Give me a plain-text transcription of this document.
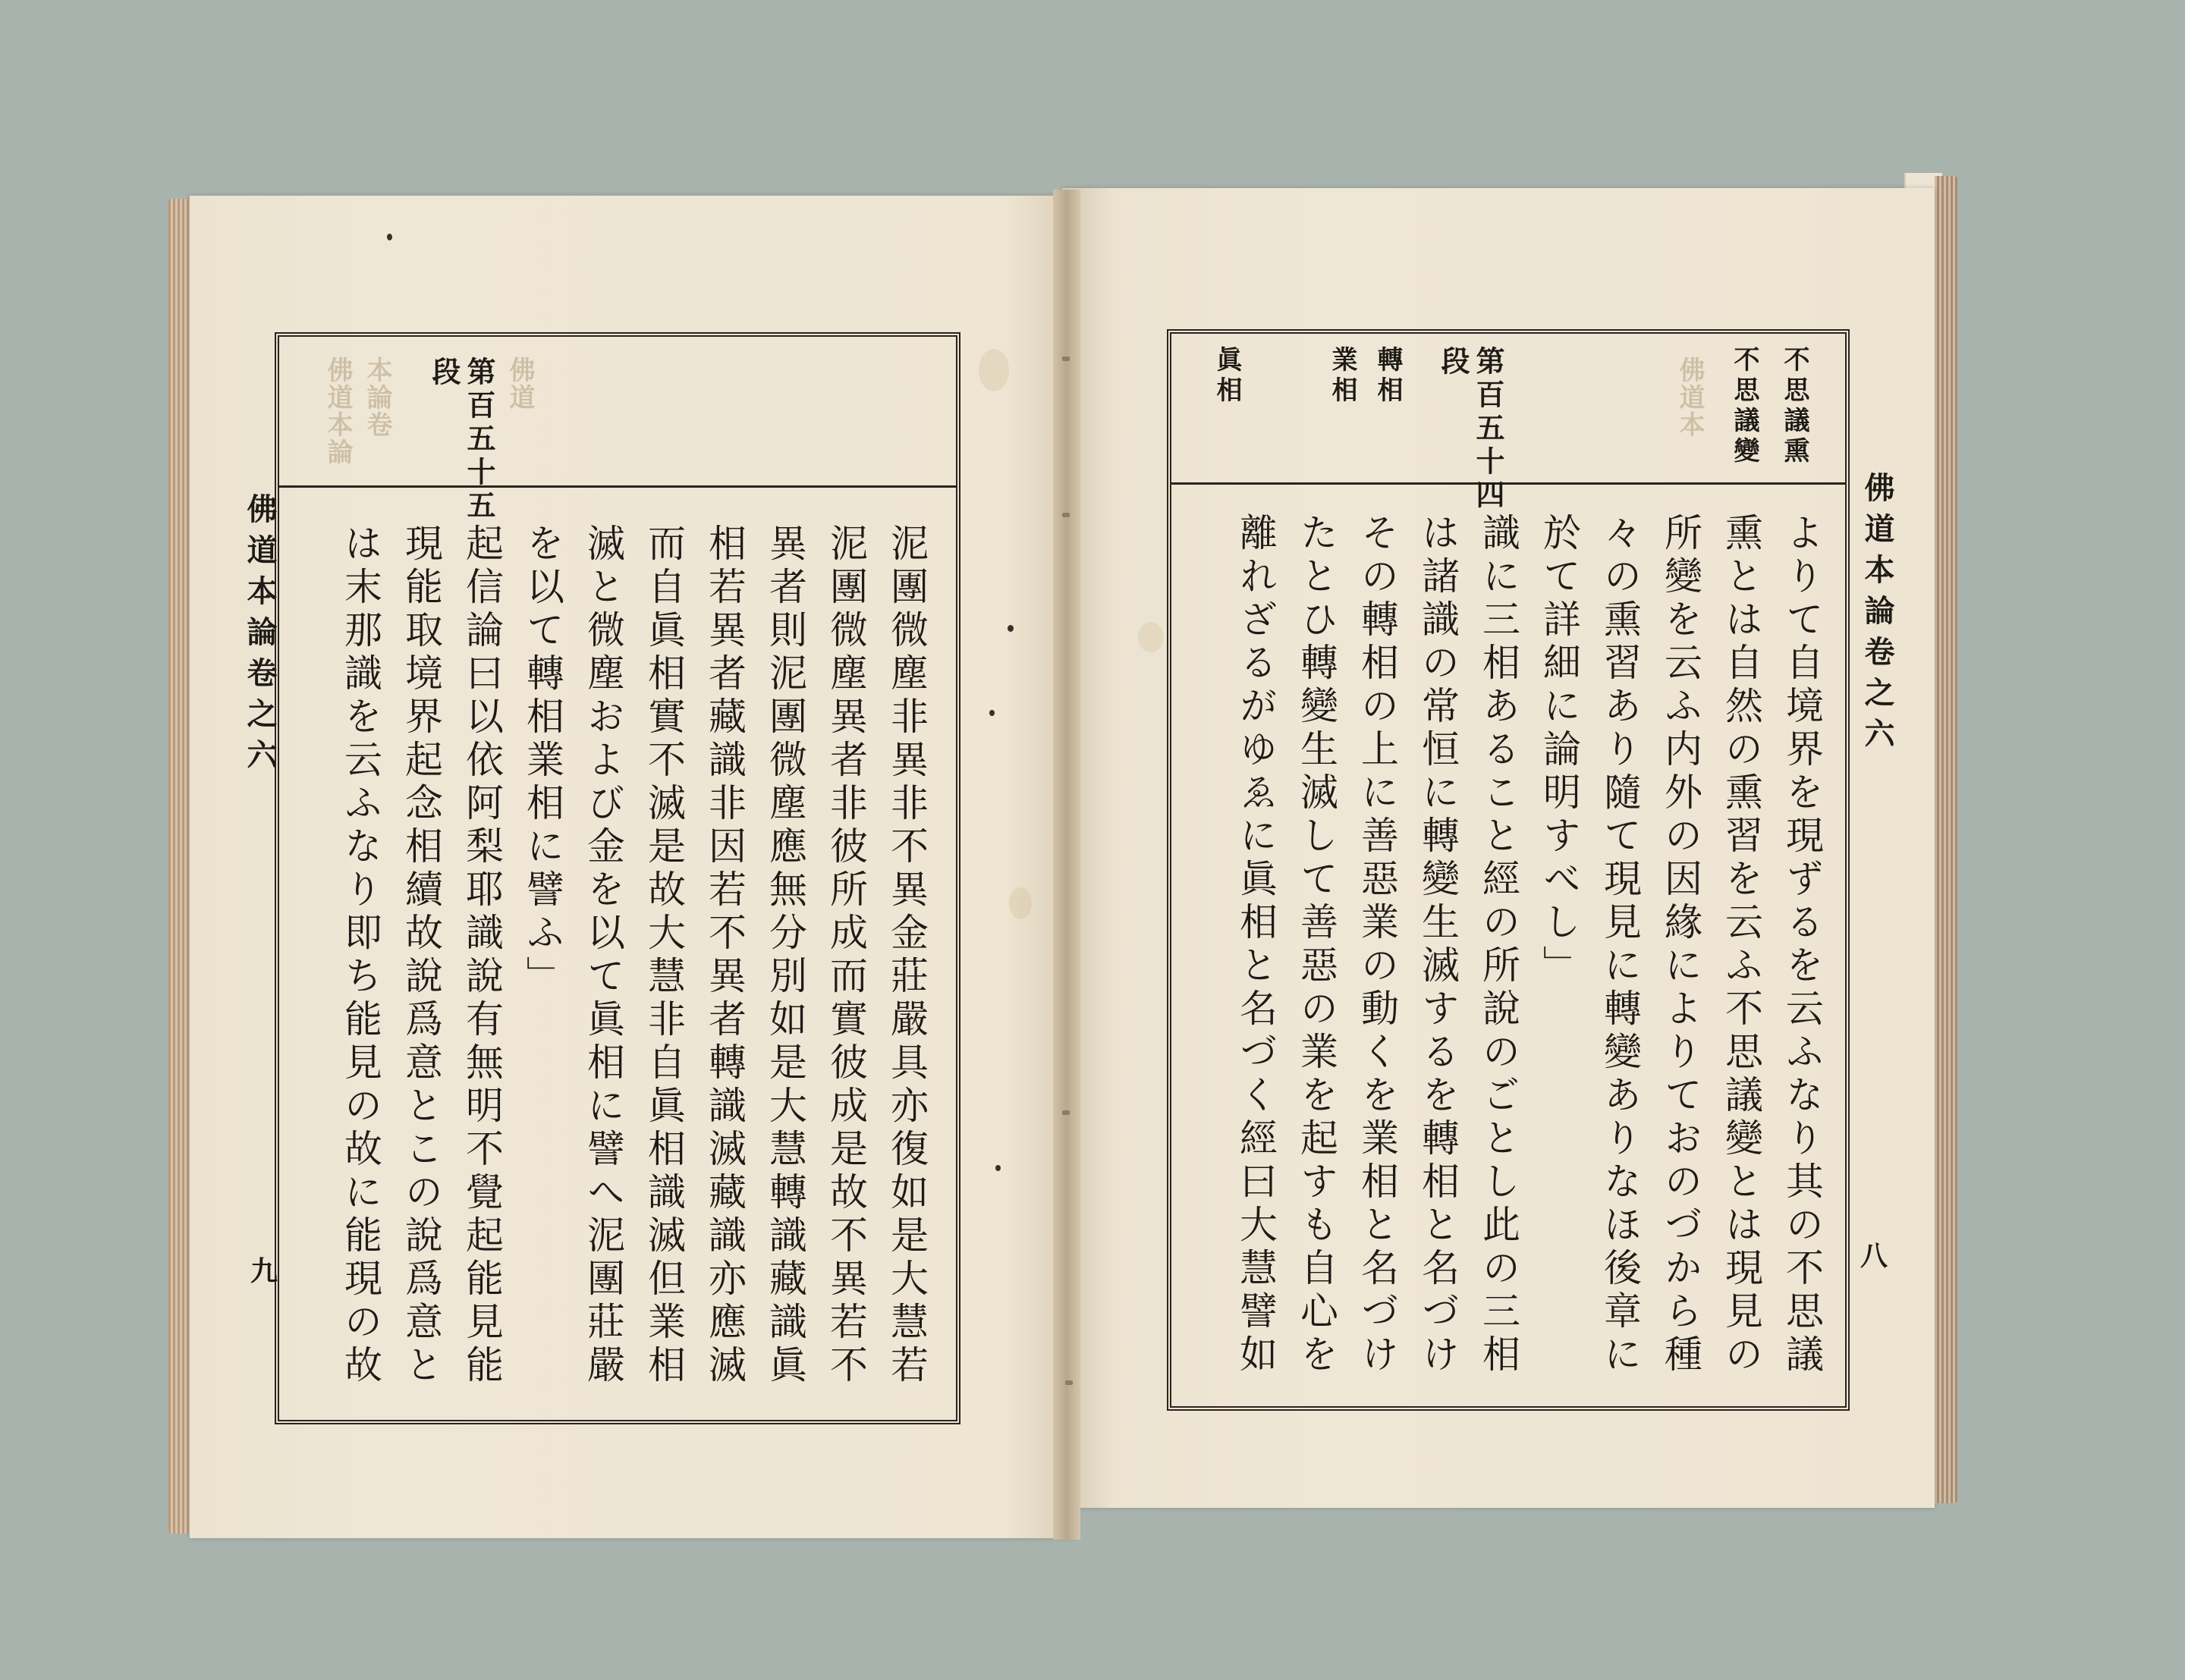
佛道本論 本論卷	佛道	佛道本
第百五十五
段
泥團微塵非異非不異金莊嚴具亦復如是大慧若
泥團微塵異者非彼所成而實彼成是故不異若不
異者則泥團微塵應無分別如是大慧轉識藏識眞
相若異者藏識非因若不異者轉識滅藏識亦應滅
而自眞相實不滅是故大慧非自眞相識滅但業相
滅と微塵および金を以て眞相に譬へ泥團莊嚴
を以て轉相業相に譬ふ」
起信論曰以依阿梨耶識說有無明不覺起能見能
現能取境界起念相續故說爲意とこの說爲意と
は末那識を云ふなり即ち能見の故に能現の故
佛道本論卷之六
九
不思議熏
不思議變
第百五十四
段
轉相
業相
眞相
よりて自境界を現ずるを云ふなり其の不思議
熏とは自然の熏習を云ふ不思議變とは現見の
所變を云ふ内外の因緣によりておのづから種
々の熏習あり隨て現見に轉變ありなほ後章に
於て詳細に論明すべし」
識に三相あること經の所說のごとし此の三相
は諸識の常恒に轉變生滅するを轉相と名づけ
その轉相の上に善惡業の動くを業相と名づけ
たとひ轉變生滅して善惡の業を起すも自心を
離れざるがゆゑに眞相と名づく經曰大慧譬如	佛道本論卷之六
八
